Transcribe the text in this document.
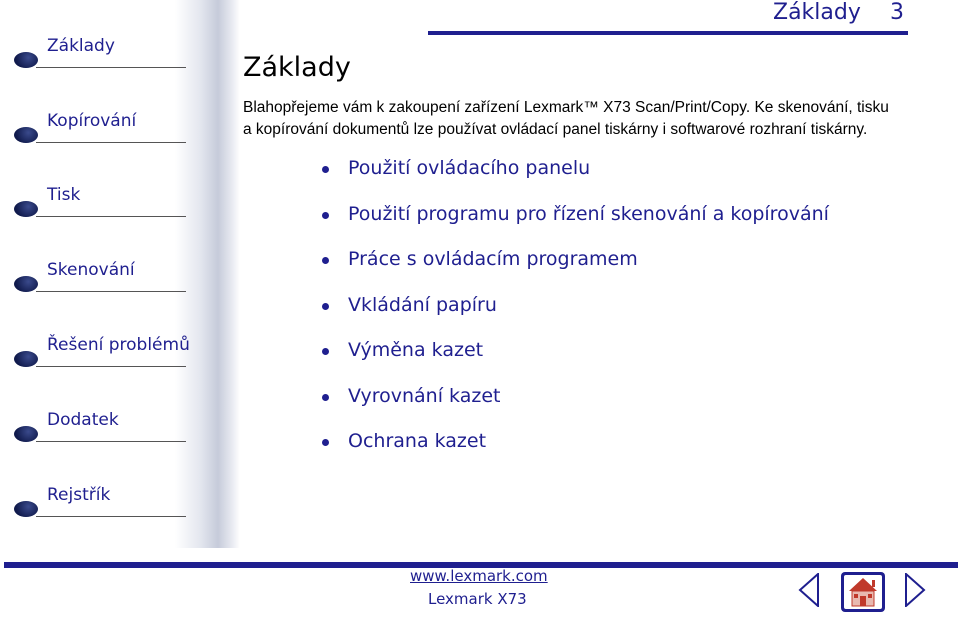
Základy
Kopírování
Tisk
Skenování
Řešení problémů
Dodatek
Rejstřík
Základy 3
Základy

Blahopřejeme vám k zakoupení zařízení Lexmark™ X73 Scan/Print/Copy. Ke skenování, tisku

a kopírování dokumentů lze používat ovládací panel tiskárny i softwarové rozhraní tiskárny.

Použití ovládacího panelu
Použití programu pro řízení skenování a kopírování
Práce s ovládacím programem
Vkládání papíru
Výměna kazet
Vyrovnání kazet
Ochrana kazet
www.lexmark.com
Lexmark X73
